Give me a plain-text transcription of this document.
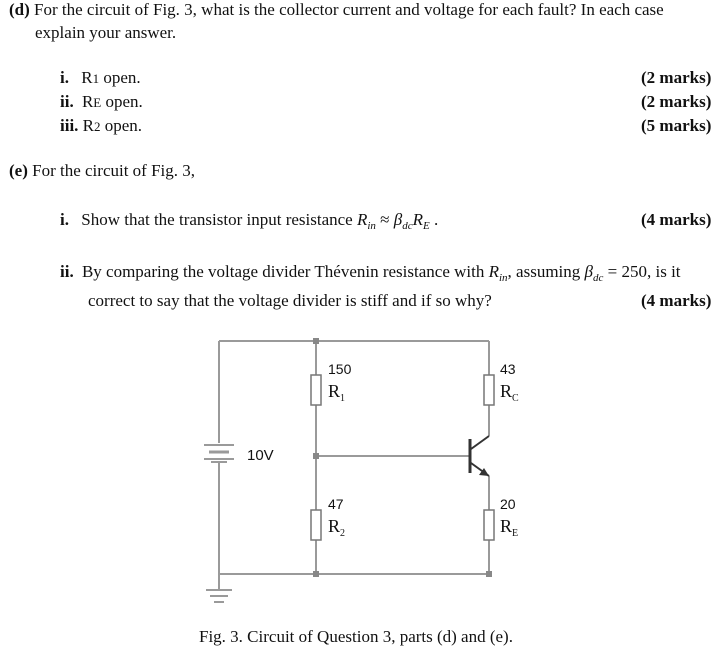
(d) For the circuit of Fig. 3, what is the collector current and voltage for each fault? In each case
explain your answer.
i. R1 open.	(2 marks)
ii. RE open.	(2 marks)
iii. R2 open.	(5 marks)
(e) For the circuit of Fig. 3,
i. Show that the transistor input resistance $R_{in} \approx \beta_{dc}R_E$ .	(4 marks)
ii. By comparing the voltage divider Thévenin resistance with $R_{in}$, assuming $\beta_{dc} = 250$, is it
correct to say that the voltage divider is stiff and if so why?	(4 marks)
10V
150
$R_1$
43
$R_C$
47
$R_2$
20
$R_E$
Fig. 3. Circuit of Question 3, parts (d) and (e).
